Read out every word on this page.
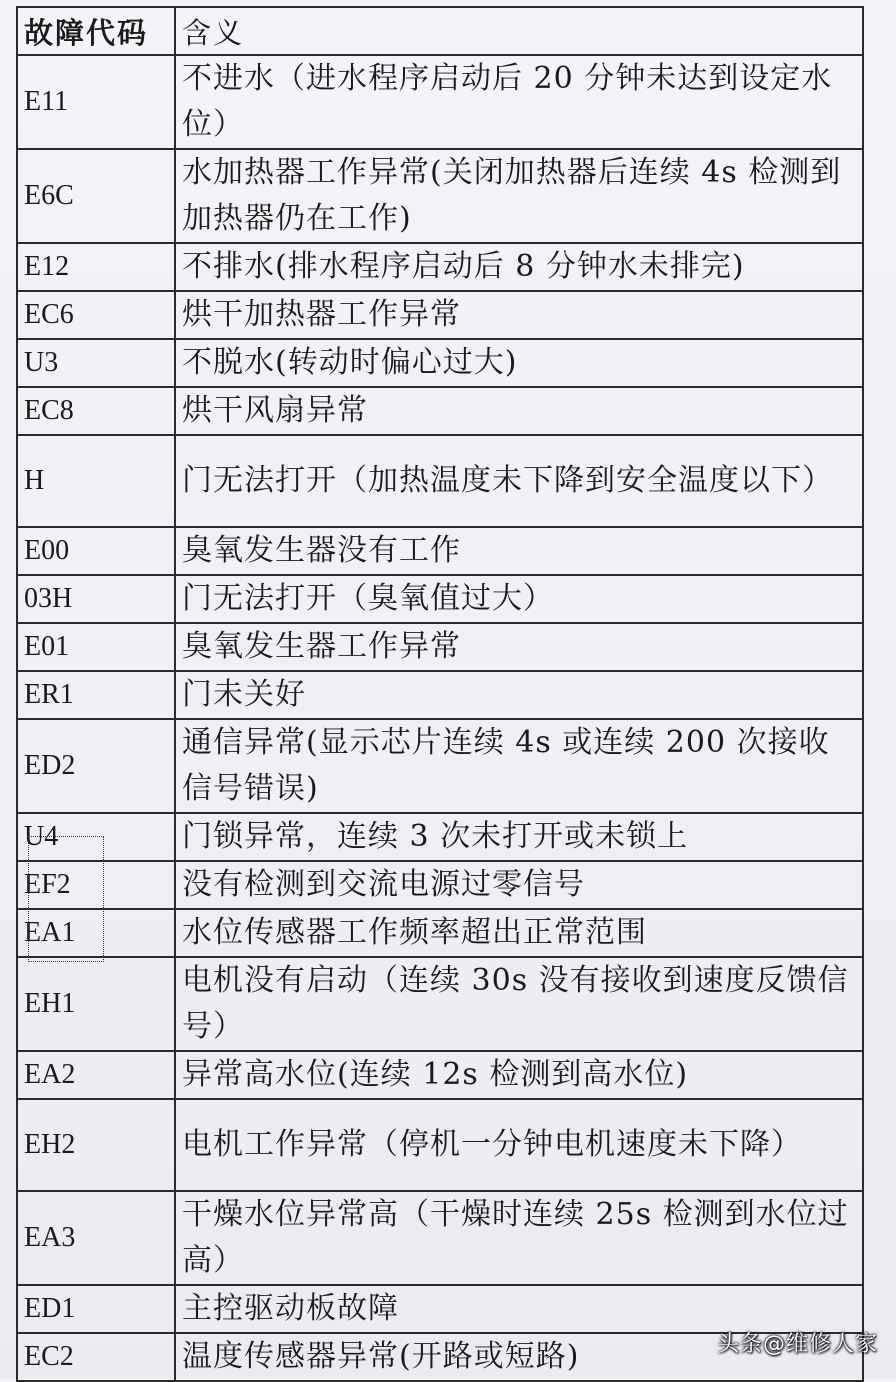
故障代码	含义
E11	不进水（进水程序启动后 20 分钟未达到设定水位）
E6C	水加热器工作异常(关闭加热器后连续 4s 检测到加热器仍在工作)
E12	不排水(排水程序启动后 8 分钟水未排完)
EC6	烘干加热器工作异常
U3	不脱水(转动时偏心过大)
EC8	烘干风扇异常
H	门无法打开（加热温度未下降到安全温度以下）
E00	臭氧发生器没有工作
03H	门无法打开（臭氧值过大）
E01	臭氧发生器工作异常
ER1	门未关好
ED2	通信异常(显示芯片连续 4s 或连续 200 次接收信号错误)
U4	门锁异常，连续 3 次未打开或未锁上
EF2	没有检测到交流电源过零信号
EA1	水位传感器工作频率超出正常范围
EH1	电机没有启动（连续 30s 没有接收到速度反馈信号）
EA2	异常高水位(连续 12s 检测到高水位)
EH2	电机工作异常（停机一分钟电机速度未下降）
EA3	干燥水位异常高（干燥时连续 25s 检测到水位过高）
ED1	主控驱动板故障
EC2	温度传感器异常(开路或短路)	头条@维修人家
